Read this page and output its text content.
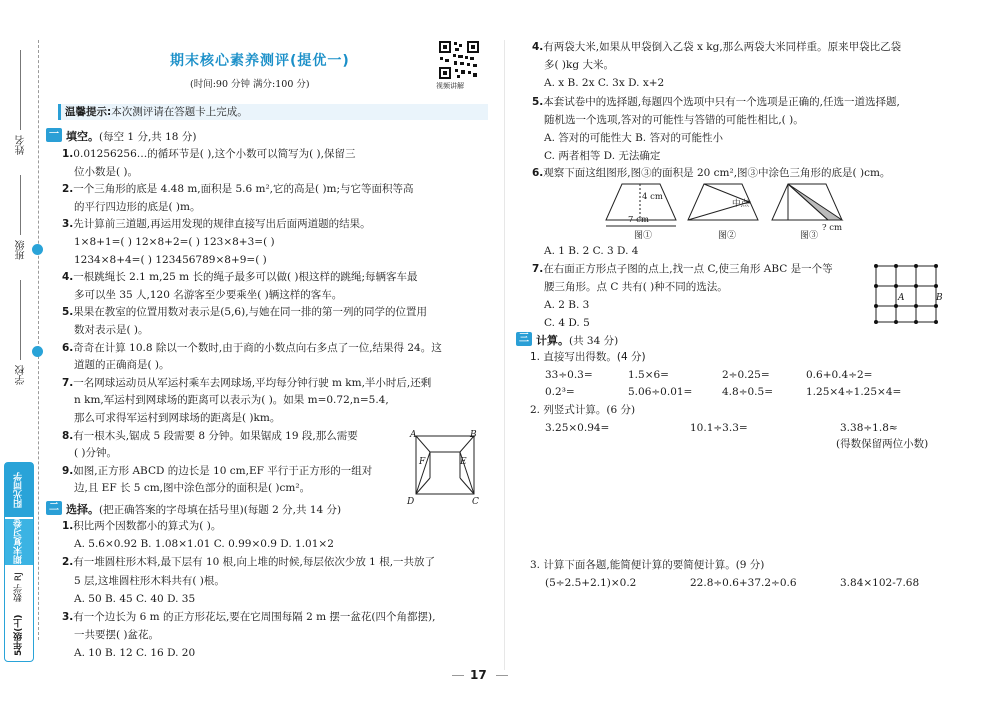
姓名
班级
学校
阳光同学
期末复习卷
数学 RJ
5年级(上)
期末核心素养测评(提优一)
(时间:90 分钟 满分:100 分)	视频讲解
温馨提示:本次测评请在答题卡上完成。
一 填空。(每空 1 分,共 18 分)
1.0.01256256…的循环节是( ),这个小数可以简写为( ),保留三
位小数是( )。
2.一个三角形的底是 4.48 m,面积是 5.6 m²,它的高是( )m;与它等面积等高
的平行四边形的底是( )m。
3.先计算前三道题,再运用发现的规律直接写出后面两道题的结果。
1×8+1=( ) 12×8+2=( ) 123×8+3=( )
1234×8+4=( ) 123456789×8+9=( )
4.一根跳绳长 2.1 m,25 m 长的绳子最多可以做( )根这样的跳绳;每辆客车最
多可以坐 35 人,120 名游客至少要乘坐( )辆这样的客车。
5.果果在教室的位置用数对表示是(5,6),与她在同一排的第一列的同学的位置用
数对表示是( )。
6.奇奇在计算 10.8 除以一个数时,由于商的小数点向右多点了一位,结果得 24。这
道题的正确商是( )。
7.一名网球运动员从军运村乘车去网球场,平均每分钟行驶 m km,半小时后,还剩
n km,军运村到网球场的距离可以表示为( )。如果 m=0.72,n=5.4,
那么可求得军运村到网球场的距离是( )km。
8.有一根木头,锯成 5 段需要 8 分钟。如果锯成 19 段,那么需要
( )分钟。
9.如图,正方形 ABCD 的边长是 10 cm,EF 平行于正方形的一组对
边,且 EF 长 5 cm,图中涂色部分的面积是( )cm²。
A	B
D	C
F	E
二 选择。(把正确答案的字母填在括号里)(每题 2 分,共 14 分)
1.积比两个因数都小的算式为( )。
A. 5.6×0.92 B. 1.08×1.01 C. 0.99×0.9 D. 1.01×2
2.有一堆圆柱形木料,最下层有 10 根,向上堆的时候,每层依次少放 1 根,一共放了
5 层,这堆圆柱形木料共有( )根。
A. 50 B. 45 C. 40 D. 35
3.有一个边长为 6 m 的正方形花坛,要在它周围每隔 2 m 摆一盆花(四个角都摆),
一共要摆( )盆花。
A. 10 B. 12 C. 16 D. 20
4.有两袋大米,如果从甲袋倒入乙袋 x kg,那么两袋大米同样重。原来甲袋比乙袋
多( )kg 大米。
A. x B. 2x C. 3x D. x+2
5.本套试卷中的选择题,每题四个选项中只有一个选项是正确的,任选一道选择题,
随机选一个选项,答对的可能性与答错的可能性相比,( )。
A. 答对的可能性大 B. 答对的可能性小
C. 两者相等 D. 无法确定
6.观察下面这组图形,图③的面积是 20 cm²,图③中涂色三角形的底是( )cm。
A. 1 B. 2 C. 3 D. 4
7.在右面正方形点子图的点上,找一点 C,使三角形 ABC 是一个等
腰三角形。点 C 共有( )种不同的选法。
A. 2 B. 3
C. 4 D. 5
4 cm
7 cm
中点
? cm
图①	图②	图③
A	B
三 计算。(共 34 分)
1. 直接写出得数。(4 分)
33÷0.3=	1.5×6=	2÷0.25=	0.6+0.4÷2=
0.2³=	5.06÷0.01=	4.8÷0.5=	1.25×4÷1.25×4=
2. 列竖式计算。(6 分)
3.25×0.94=	10.1÷3.3=	3.38÷1.8≈
(得数保留两位小数)
3. 计算下面各题,能简便计算的要简便计算。(9 分)
(5÷2.5+2.1)×0.2	22.8÷0.6+37.2÷0.6	3.84×102-7.68
17
